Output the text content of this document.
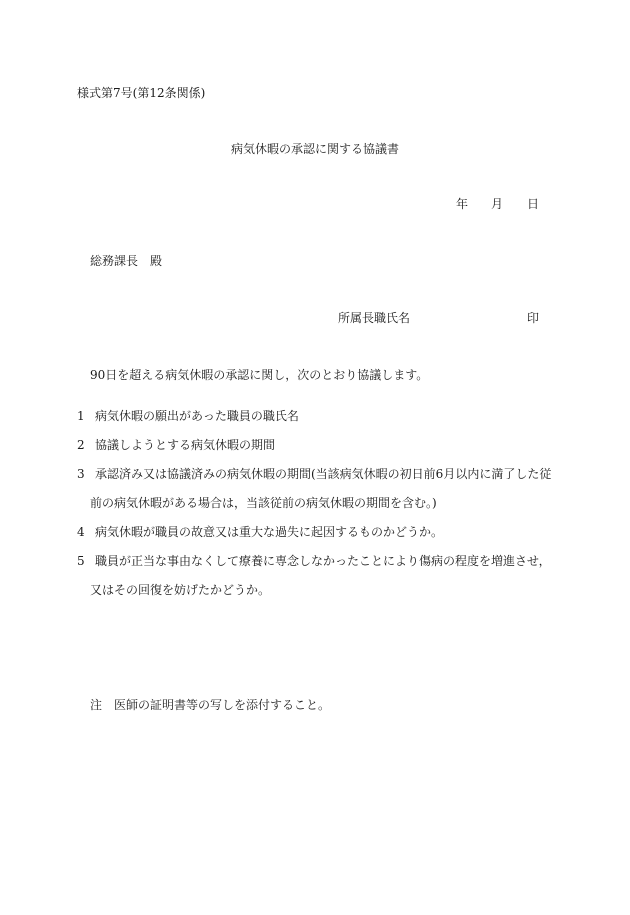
様式第7号(第12条関係)
病気休暇の承認に関する協議書
年 月 日
総務課長　殿
所属長職氏名	印
90日を超える病気休暇の承認に関し，次のとおり協議します。
1 病気休暇の願出があった職員の職氏名
2 協議しようとする病気休暇の期間
3 承認済み又は協議済みの病気休暇の期間(当該病気休暇の初日前6月以内に満了した従
前の病気休暇がある場合は，当該従前の病気休暇の期間を含む。)
4 病気休暇が職員の故意又は重大な過失に起因するものかどうか。
5 職員が正当な事由なくして療養に専念しなかったことにより傷病の程度を増進させ，
又はその回復を妨げたかどうか。
注　医師の証明書等の写しを添付すること。
